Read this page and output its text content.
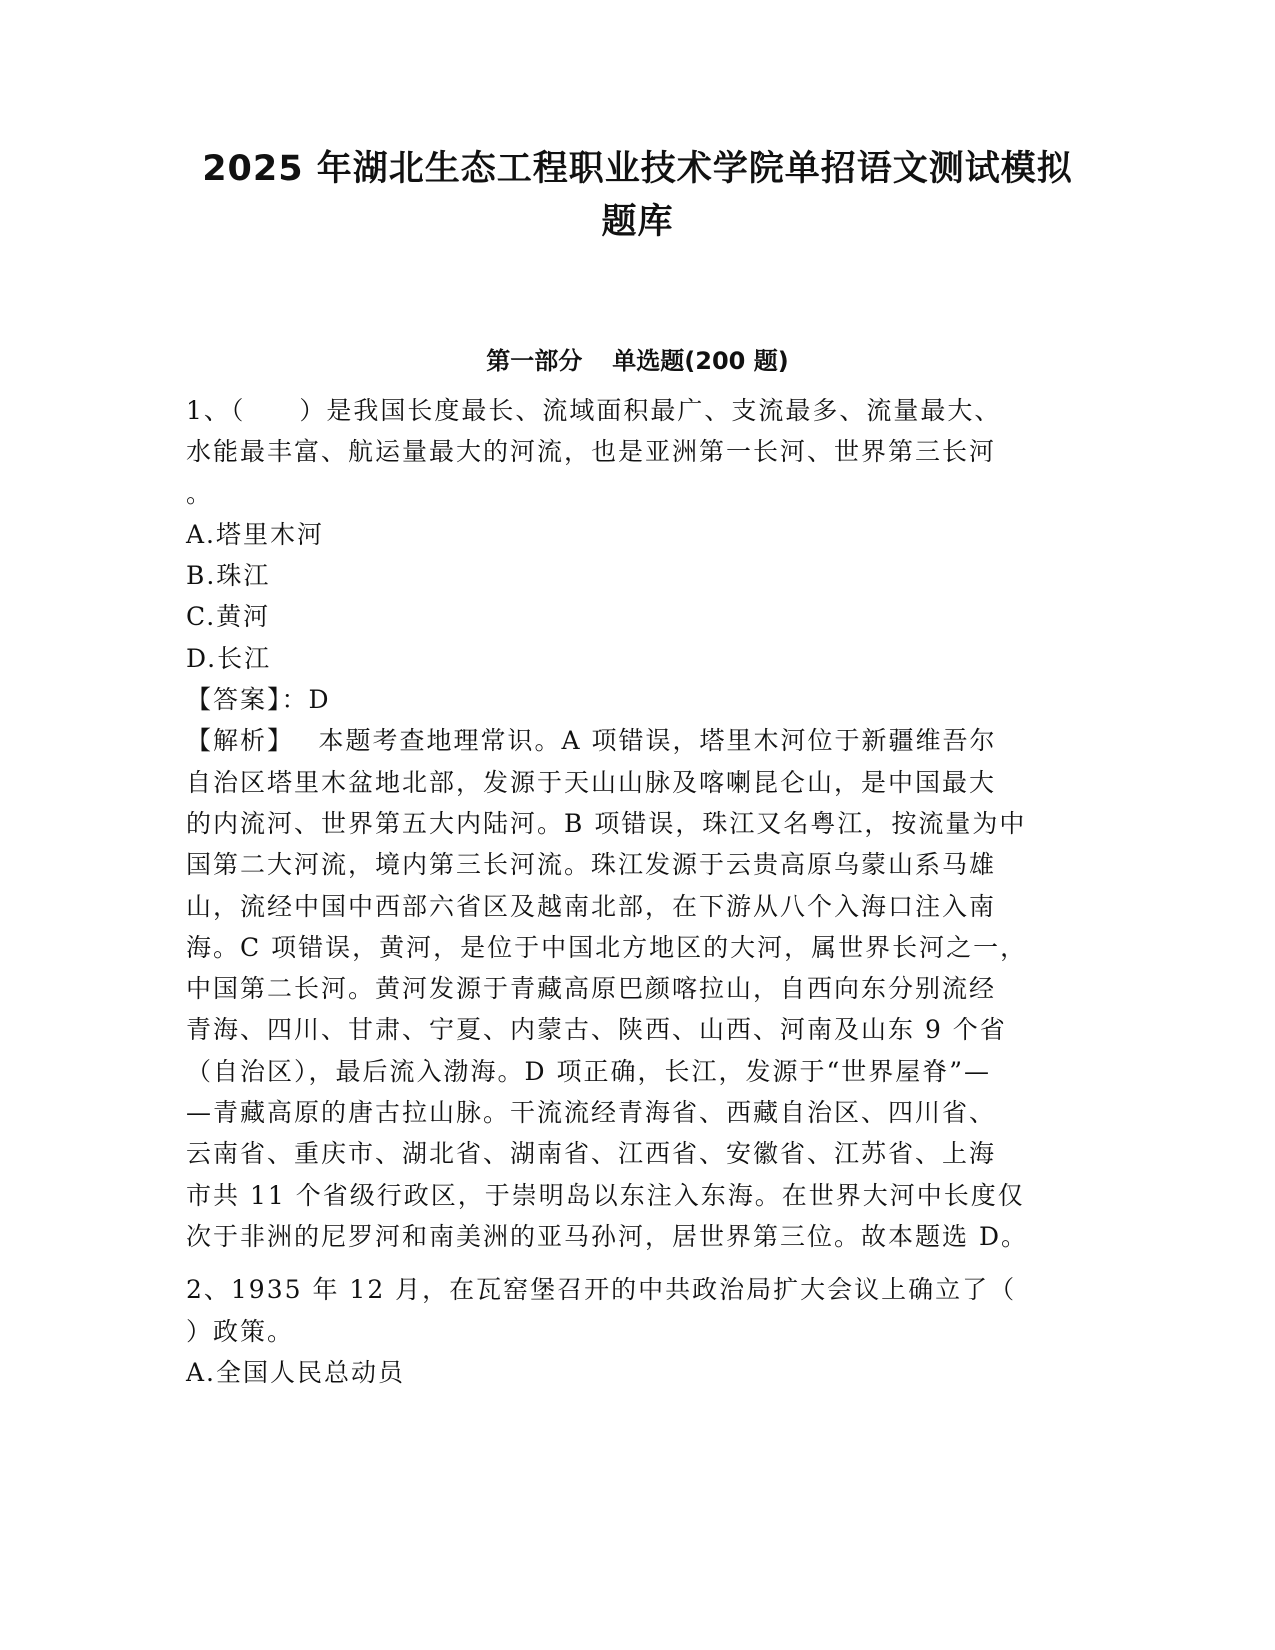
2025 年湖北生态工程职业技术学院单招语文测试模拟
题库
第一部分 单选题(200 题)
1、（　　）是我国长度最长、流域面积最广、支流最多、流量最大、
水能最丰富、航运量最大的河流，也是亚洲第一长河、世界第三长河
。
A.塔里木河
B.珠江
C.黄河
D.长江
【答案】：D
【解析】　 本题考查地理常识。A 项错误，塔里木河位于新疆维吾尔
自治区塔里木盆地北部，发源于天山山脉及喀喇昆仑山，是中国最大
的内流河、世界第五大内陆河。B 项错误，珠江又名粤江，按流量为中
国第二大河流，境内第三长河流。珠江发源于云贵高原乌蒙山系马雄
山，流经中国中西部六省区及越南北部，在下游从八个入海口注入南
海。C 项错误，黄河，是位于中国北方地区的大河，属世界长河之一，
中国第二长河。黄河发源于青藏高原巴颜喀拉山，自西向东分别流经
青海、四川、甘肃、宁夏、内蒙古、陕西、山西、河南及山东 9 个省
（自治区），最后流入渤海。D 项正确，长江，发源于“世界屋脊”—
—青藏高原的唐古拉山脉。干流流经青海省、西藏自治区、四川省、
云南省、重庆市、湖北省、湖南省、江西省、安徽省、江苏省、上海
市共 11 个省级行政区，于崇明岛以东注入东海。在世界大河中长度仅
次于非洲的尼罗河和南美洲的亚马孙河，居世界第三位。故本题选 D。
2、1935 年 12 月，在瓦窑堡召开的中共政治局扩大会议上确立了（
）政策。
A.全国人民总动员
